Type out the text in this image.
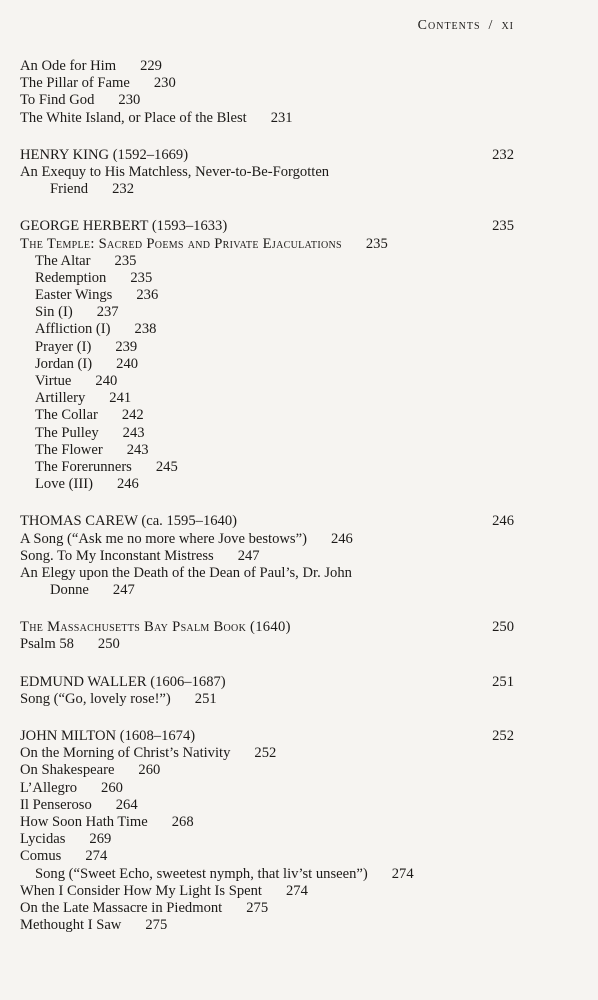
Contents / xi
An Ode for Him 229
The Pillar of Fame 230
To Find God 230
The White Island, or Place of the Blest 231
HENRY KING (1592–1669)	232
An Exequy to His Matchless, Never-to-Be-Forgotten
Friend 232
GEORGE HERBERT (1593–1633)	235
The Temple: Sacred Poems and Private Ejaculations 235
The Altar 235
Redemption 235
Easter Wings 236
Sin (I) 237
Affliction (I) 238
Prayer (I) 239
Jordan (I) 240
Virtue 240
Artillery 241
The Collar 242
The Pulley 243
The Flower 243
The Forerunners 245
Love (III) 246
THOMAS CAREW (ca. 1595–1640)	246
A Song (“Ask me no more where Jove bestows”) 246
Song. To My Inconstant Mistress 247
An Elegy upon the Death of the Dean of Paul’s, Dr. John
Donne 247
The Massachusetts Bay Psalm Book (1640)	250
Psalm 58 250
EDMUND WALLER (1606–1687)	251
Song (“Go, lovely rose!”) 251
JOHN MILTON (1608–1674)	252
On the Morning of Christ’s Nativity 252
On Shakespeare 260
L’Allegro 260
Il Penseroso 264
How Soon Hath Time 268
Lycidas 269
Comus 274
Song (“Sweet Echo, sweetest nymph, that liv’st unseen”) 274
When I Consider How My Light Is Spent 274
On the Late Massacre in Piedmont 275
Methought I Saw 275
